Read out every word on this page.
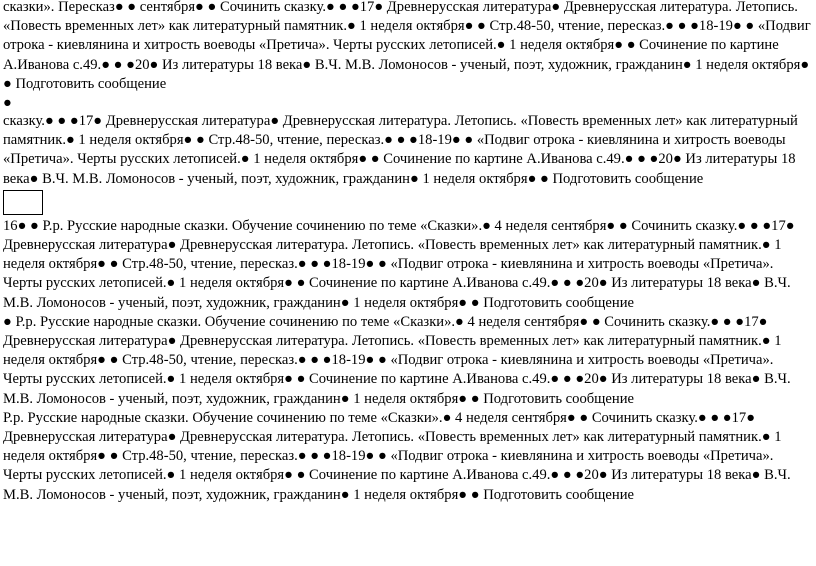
сказки». Пересказ● ● сентября● ● Сочинить сказку.● ● ●17● Древнерусская литература● Древнерусская литература. Летопись. «Повесть временных лет» как литературный памятник.● 1 неделя октября● ● Стр.48-50, чтение, пересказ.● ● ●18-19● ● «Подвиг отрока - киевлянина и хитрость воеводы «Претича». Черты русских летописей.● 1 неделя октября● ● Сочинение по картине А.Иванова с.49.● ● ●20● Из литературы 18 века● В.Ч. М.В. Ломоносов - ученый, поэт, художник, гражданин● 1 неделя октября● ● Подготовить сообщение

●

сказку.● ● ●17● Древнерусская литература● Древнерусская литература. Летопись. «Повесть временных лет» как литературный памятник.● 1 неделя октября● ● Стр.48-50, чтение, пересказ.● ● ●18-19● ● «Подвиг отрока - киевлянина и хитрость воеводы «Претича». Черты русских летописей.● 1 неделя октября● ● Сочинение по картине А.Иванова с.49.● ● ●20● Из литературы 18 века● В.Ч. М.В. Ломоносов - ученый, поэт, художник, гражданин● 1 неделя октября● ● Подготовить сообщение

16● ● Р.р. Русские народные сказки. Обучение сочинению по теме «Сказки».● 4 неделя сентября● ● Сочинить сказку.● ● ●17● Древнерусская литература● Древнерусская литература. Летопись. «Повесть временных лет» как литературный памятник.● 1 неделя октября● ● Стр.48-50, чтение, пересказ.● ● ●18-19● ● «Подвиг отрока - киевлянина и хитрость воеводы «Претича». Черты русских летописей.● 1 неделя октября● ● Сочинение по картине А.Иванова с.49.● ● ●20● Из литературы 18 века● В.Ч. М.В. Ломоносов - ученый, поэт, художник, гражданин● 1 неделя октября● ● Подготовить сообщение

● Р.р. Русские народные сказки. Обучение сочинению по теме «Сказки».● 4 неделя сентября● ● Сочинить сказку.● ● ●17● Древнерусская литература● Древнерусская литература. Летопись. «Повесть временных лет» как литературный памятник.● 1 неделя октября● ● Стр.48-50, чтение, пересказ.● ● ●18-19● ● «Подвиг отрока - киевлянина и хитрость воеводы «Претича». Черты русских летописей.● 1 неделя октября● ● Сочинение по картине А.Иванова с.49.● ● ●20● Из литературы 18 века● В.Ч. М.В. Ломоносов - ученый, поэт, художник, гражданин● 1 неделя октября● ● Подготовить сообщение

Р.р. Русские народные сказки. Обучение сочинению по теме «Сказки».● 4 неделя сентября● ● Сочинить сказку.● ● ●17● Древнерусская литература● Древнерусская литература. Летопись. «Повесть временных лет» как литературный памятник.● 1 неделя октября● ● Стр.48-50, чтение, пересказ.● ● ●18-19● ● «Подвиг отрока - киевлянина и хитрость воеводы «Претича». Черты русских летописей.● 1 неделя октября● ● Сочинение по картине А.Иванова с.49.● ● ●20● Из литературы 18 века● В.Ч. М.В. Ломоносов - ученый, поэт, художник, гражданин● 1 неделя октября● ● Подготовить сообщение
